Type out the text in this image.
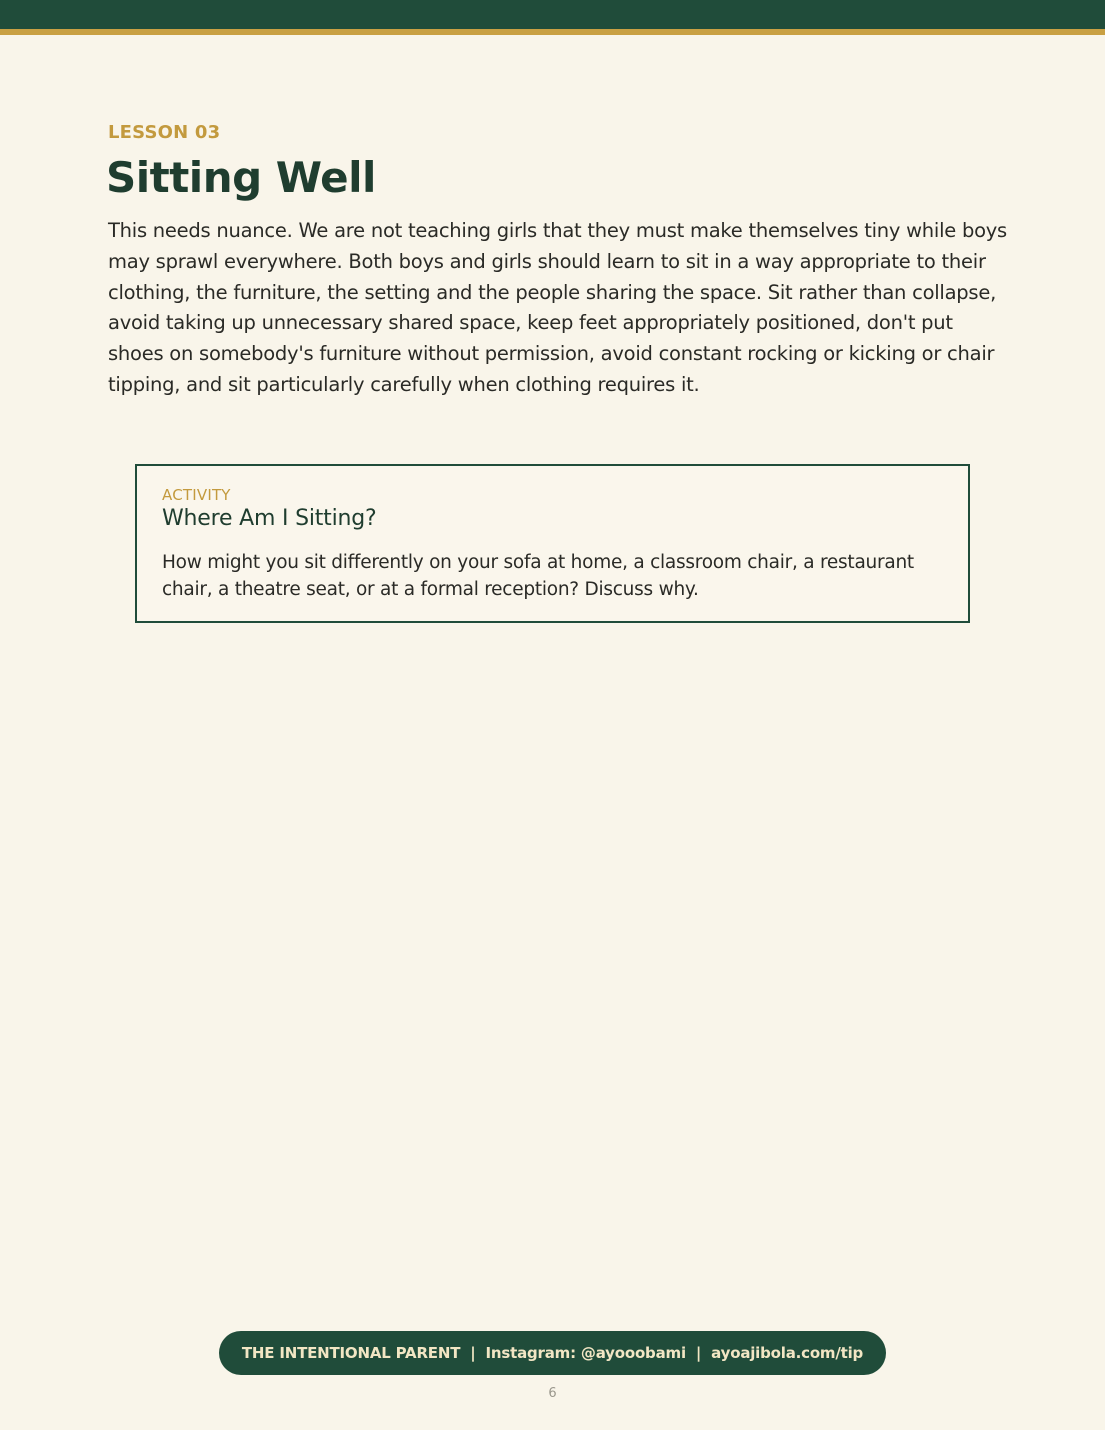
LESSON 03
Sitting Well

This needs nuance. We are not teaching girls that they must make themselves tiny while boys may sprawl everywhere. Both boys and girls should learn to sit in a way appropriate to their clothing, the furniture, the setting and the people sharing the space. Sit rather than collapse, avoid taking up unnecessary shared space, keep feet appropriately positioned, don't put shoes on somebody's furniture without permission, avoid constant rocking or kicking or chair tipping, and sit particularly carefully when clothing requires it.

ACTIVITY
Where Am I Sitting?

How might you sit differently on your sofa at home, a classroom chair, a restaurant chair, a theatre seat, or at a formal reception? Discuss why.

THE INTENTIONAL PARENT | Instagram: @ayooobami | ayoajibola.com/tip
6
